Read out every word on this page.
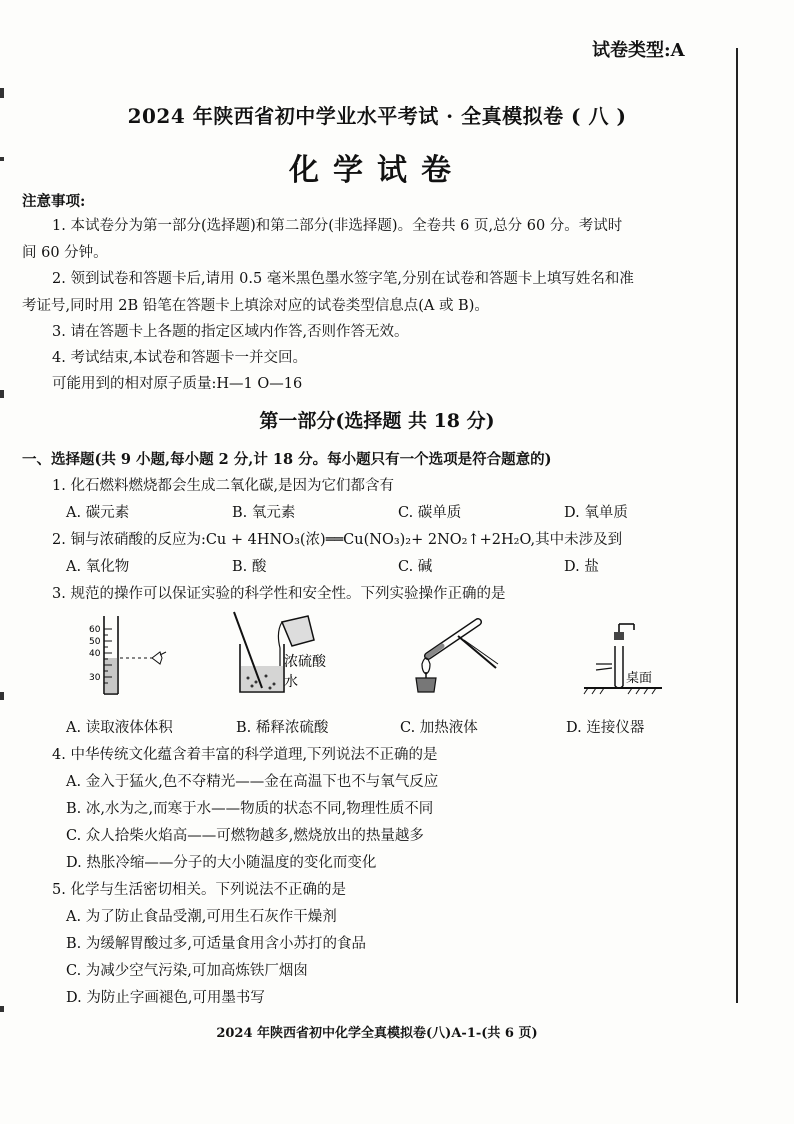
试卷类型:A
2024 年陕西省初中学业水平考试 · 全真模拟卷 ( 八 )
化学试卷
注意事项:
1. 本试卷分为第一部分(选择题)和第二部分(非选择题)。全卷共 6 页,总分 60 分。考试时
间 60 分钟。
2. 领到试卷和答题卡后,请用 0.5 毫米黑色墨水签字笔,分别在试卷和答题卡上填写姓名和准
考证号,同时用 2B 铅笔在答题卡上填涂对应的试卷类型信息点(A 或 B)。
3. 请在答题卡上各题的指定区域内作答,否则作答无效。
4. 考试结束,本试卷和答题卡一并交回。
可能用到的相对原子质量:H—1 O—16
第一部分(选择题 共 18 分)
一、选择题(共 9 小题,每小题 2 分,计 18 分。每小题只有一个选项是符合题意的)
1. 化石燃料燃烧都会生成二氧化碳,是因为它们都含有
A. 碳元素	B. 氧元素	C. 碳单质	D. 氧单质
2. 铜与浓硝酸的反应为:Cu + 4HNO₃(浓)══Cu(NO₃)₂+ 2NO₂↑+2H₂O,其中未涉及到
A. 氧化物	B. 酸	C. 碱	D. 盐
3. 规范的操作可以保证实验的科学性和安全性。下列实验操作正确的是
60
50
40
30
浓硫酸
水	桌面
A. 读取液体体积	B. 稀释浓硫酸	C. 加热液体	D. 连接仪器
4. 中华传统文化蕴含着丰富的科学道理,下列说法不正确的是
A. 金入于猛火,色不夺精光——金在高温下也不与氧气反应
B. 冰,水为之,而寒于水——物质的状态不同,物理性质不同
C. 众人拾柴火焰高——可燃物越多,燃烧放出的热量越多
D. 热胀冷缩——分子的大小随温度的变化而变化
5. 化学与生活密切相关。下列说法不正确的是
A. 为了防止食品受潮,可用生石灰作干燥剂
B. 为缓解胃酸过多,可适量食用含小苏打的食品
C. 为减少空气污染,可加高炼铁厂烟囱
D. 为防止字画褪色,可用墨书写
2024 年陕西省初中化学全真模拟卷(八)A-1-(共 6 页)
